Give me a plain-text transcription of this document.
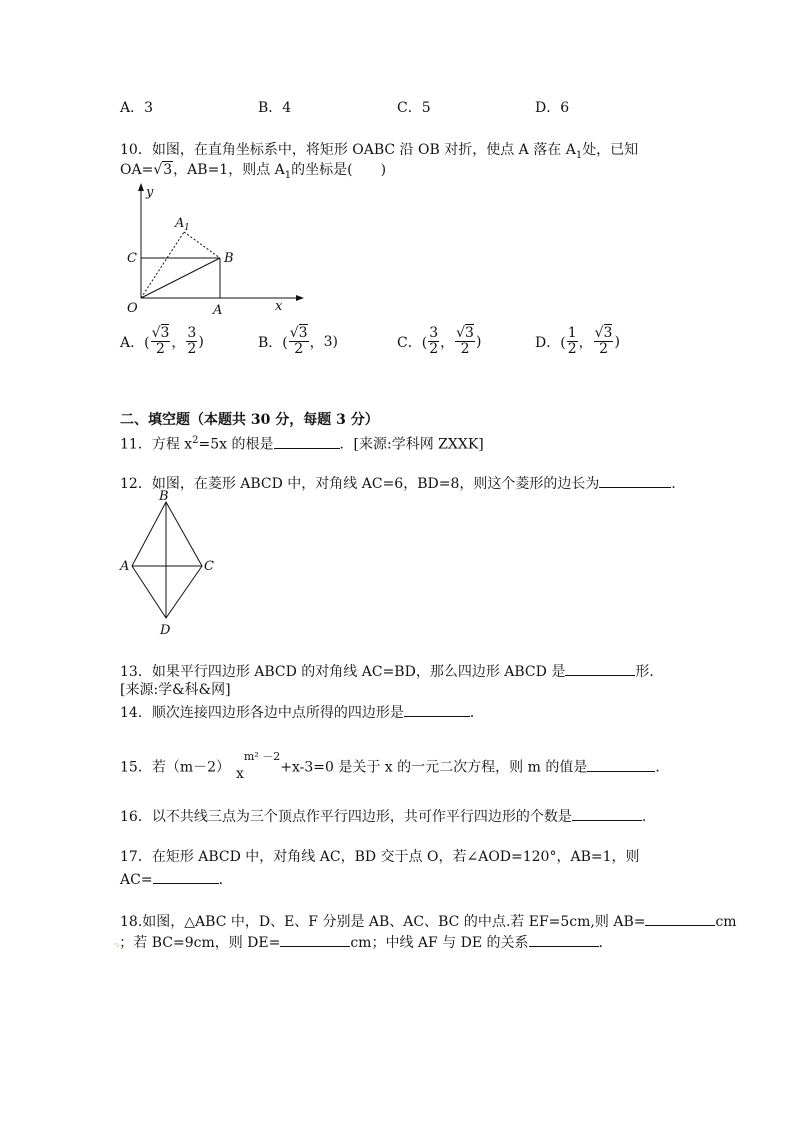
A．3	B．4	C．5	D．6
10．如图，在直角坐标系中，将矩形 OABC 沿 OB 对折，使点 A 落在 $A_1$处，已知
OA=√3，AB=1，则点 $A_1$的坐标是(　　)
y
A 1
C	B
O	A	x
A．( $\frac{√3}{2}$ ， $\frac{3}{2}$ )	B．( $\frac{√3}{2}$ ， 3)	C．( $\frac{3}{2}$ ， $\frac{√3}{2}$ )	D．( $\frac{1}{2}$ ， $\frac{√3}{2}$ )
二、填空题（本题共 30 分，每题 3 分）
11．方程 $x^2=5x$ 的根是	．[来源:学科网 ZXXK]
12．如图，在菱形 ABCD 中，对角线 AC=6，BD=8，则这个菱形的边长为	．
B
A	C
D
13．如果平行四边形 ABCD 的对角线 AC=BD，那么四边形 ABCD 是	形．
[来源:学&科&网]
14．顺次连接四边形各边中点所得的四边形是	．
15．若（m－2） $x^{m^2 -2}+x-3=0$ 是关于 x 的一元二次方程，则 m 的值是	．
16．以不共线三点为三个顶点作平行四边形，共可作平行四边形的个数是	．
17．在矩形 ABCD 中，对角线 AC，BD 交于点 O，若∠AOD=120°，AB=1，则
AC=	．
18.如图，△ABC 中，D、E、F 分别是 AB、AC、BC 的中点.若 EF=5cm,则 AB=	cm
·:；若 BC=9cm，则 DE=	cm；中线 AF 与 DE 的关系	．
